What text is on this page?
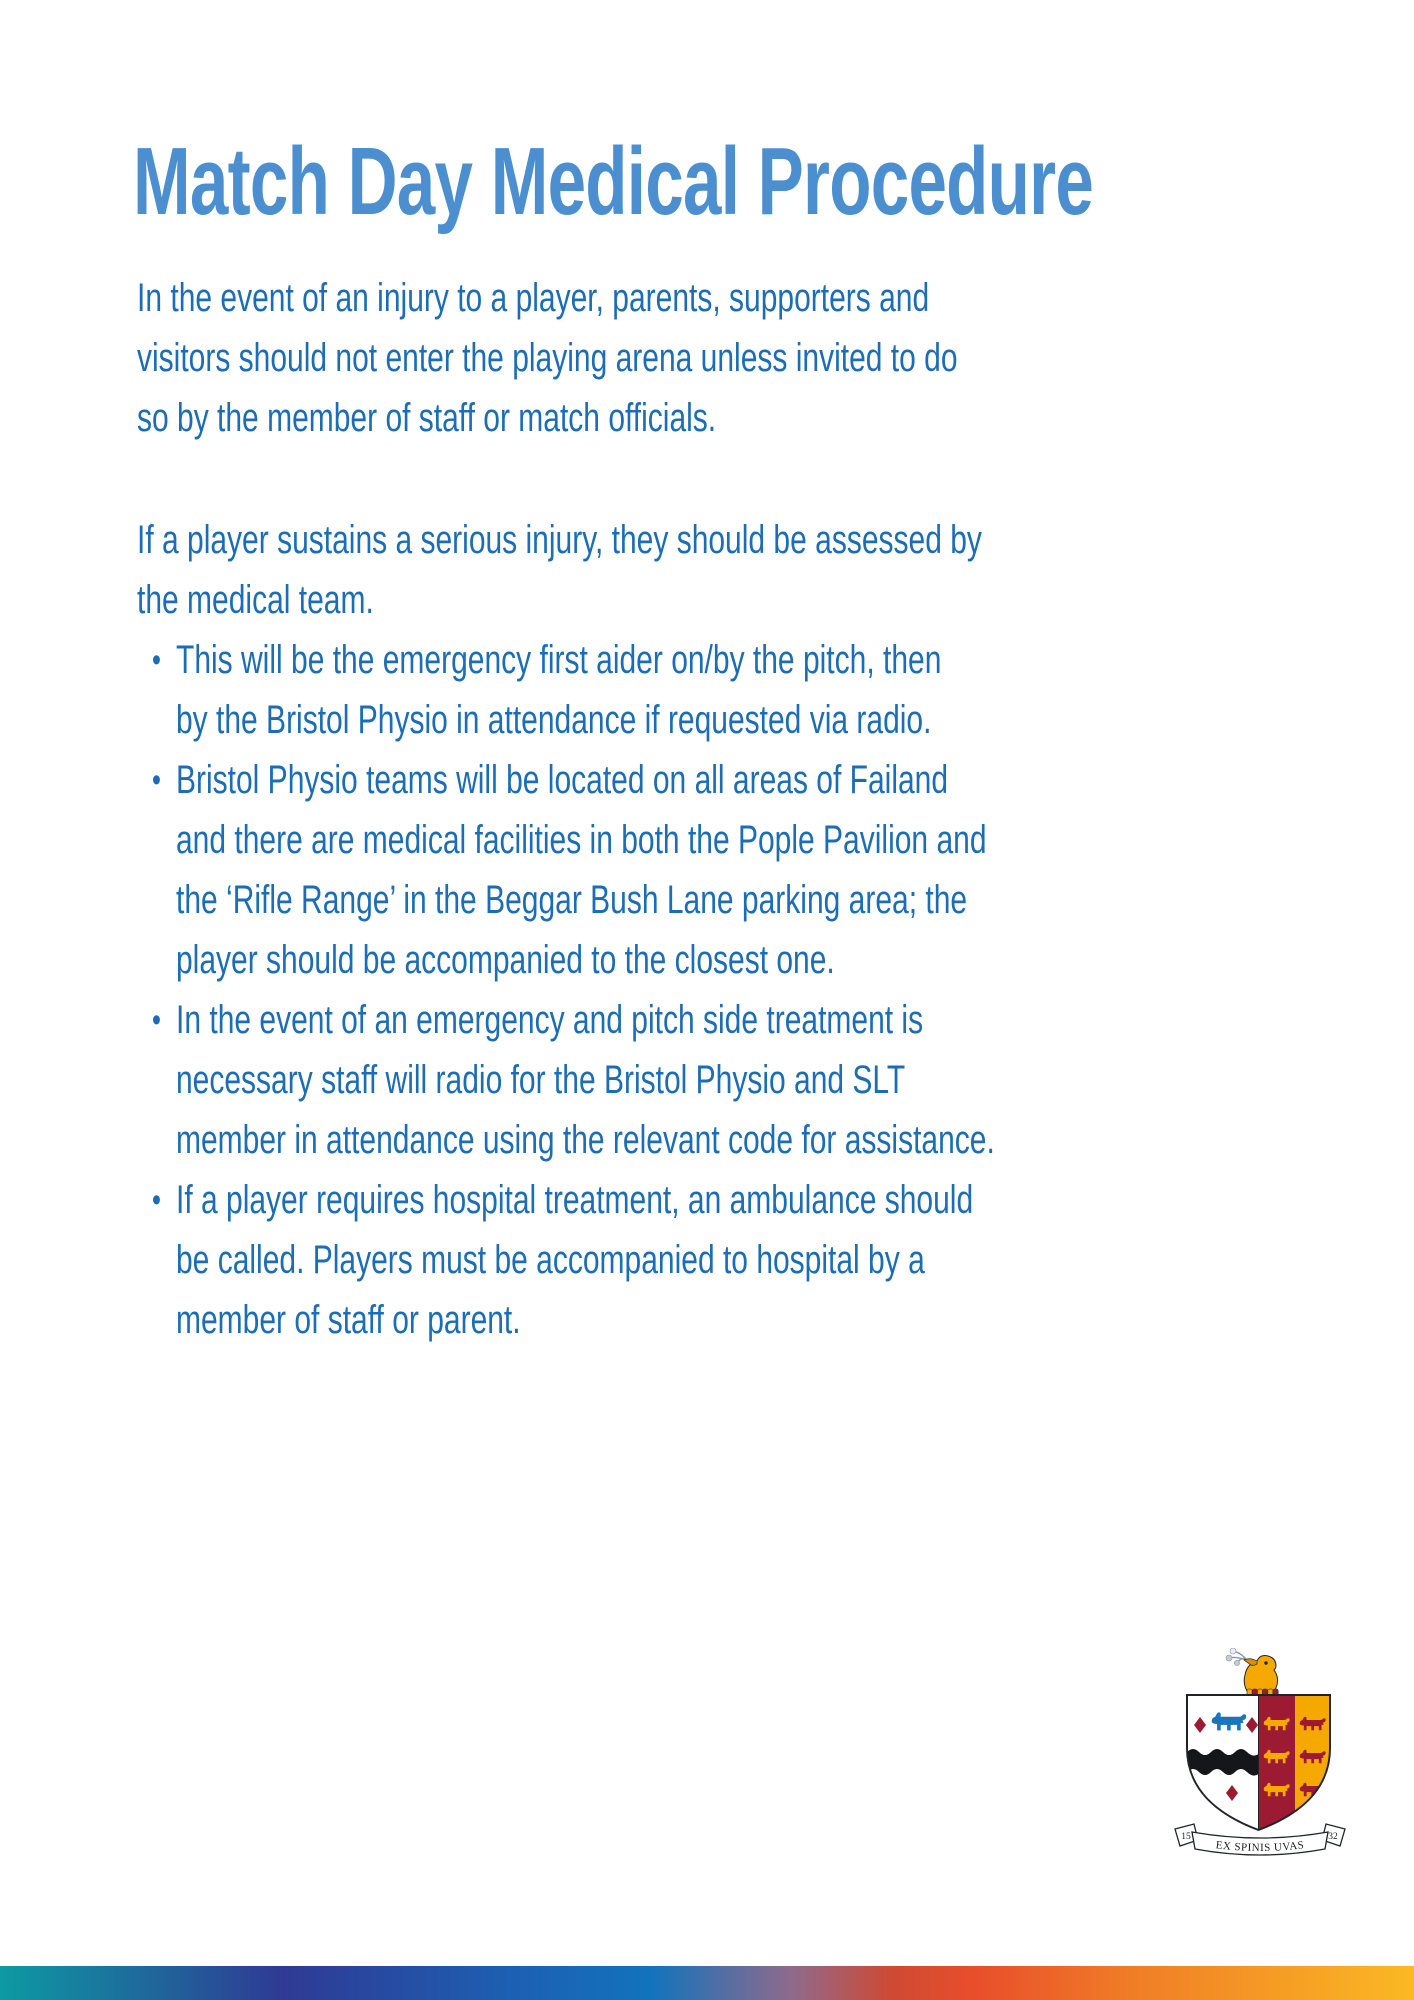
Match Day Medical Procedure
In the event of an injury to a player, parents, supporters and
visitors should not enter the playing arena unless invited to do
so by the member of staff or match officials.
If a player sustains a serious injury, they should be assessed by
the medical team.
• This will be the emergency first aider on/by the pitch, then
by the Bristol Physio in attendance if requested via radio.
• Bristol Physio teams will be located on all areas of Failand
and there are medical facilities in both the Pople Pavilion and
the ‘Rifle Range’ in the Beggar Bush Lane parking area; the
player should be accompanied to the closest one.
• In the event of an emergency and pitch side treatment is
necessary staff will radio for the Bristol Physio and SLT
member in attendance using the relevant code for assistance.
• If a player requires hospital treatment, an ambulance should
be called. Players must be accompanied to hospital by a
member of staff or parent.
EX SPINIS UVAS
15	32
